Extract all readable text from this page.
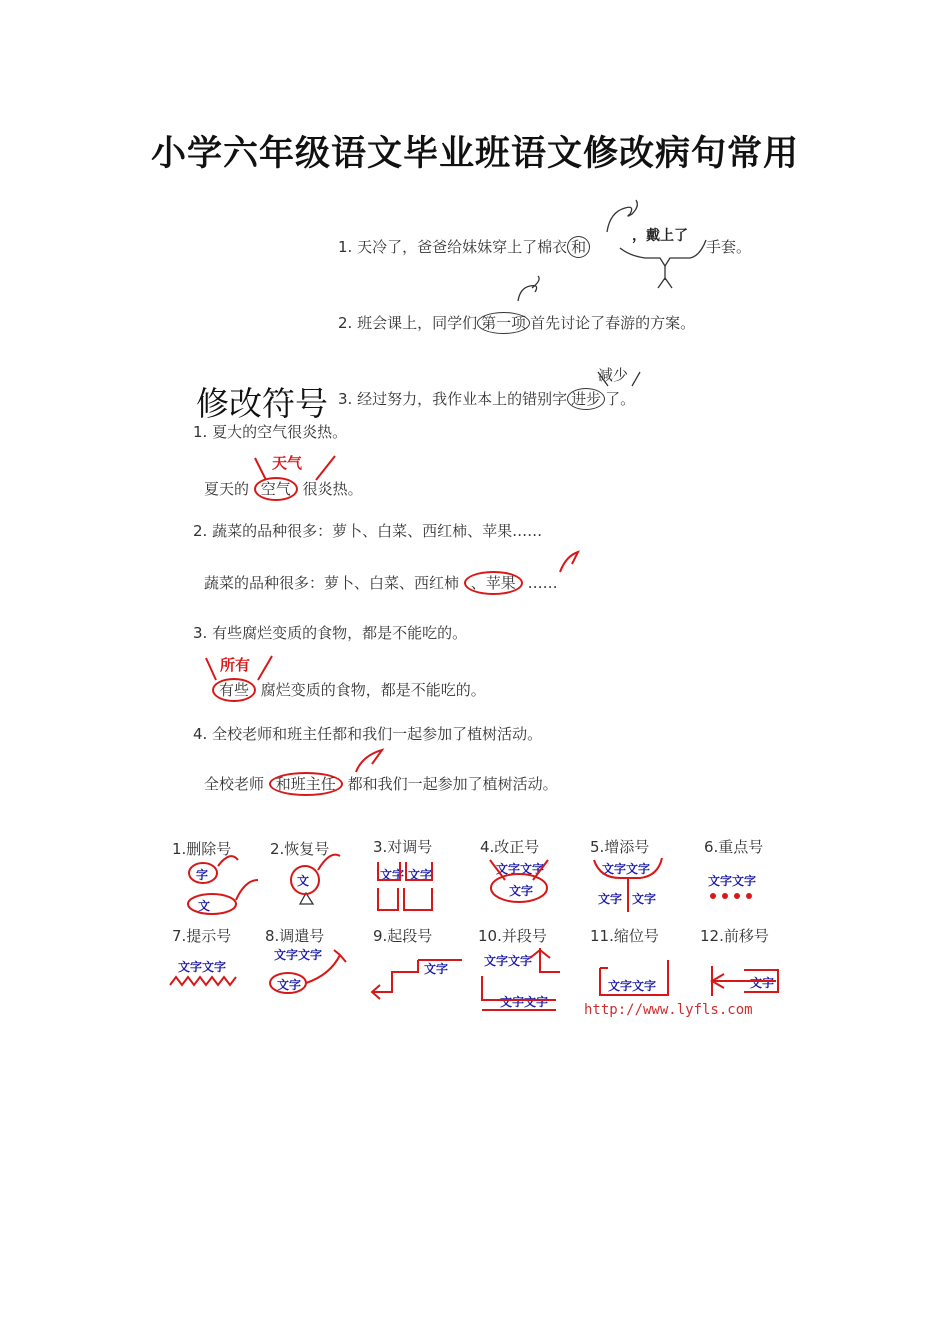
小学六年级语文毕业班语文修改病句常用
1. 天冷了，爸爸给妹妹穿上了棉衣 和
，戴上了
手套。
2. 班会课上，同学们 第一项 首先讨论了春游的方案。
减少
3. 经过努力，我作业本上的错别字 进步 了。
修改符号
1. 夏大的空气很炎热。
天气
夏天的 空气 很炎热。
2. 蔬菜的品种很多：萝卜、白菜、西红柿、苹果……
蔬菜的品种很多：萝卜、白菜、西红柿 、苹果 ……
3. 有些腐烂变质的食物，都是不能吃的。
所有
有些 腐烂变质的食物，都是不能吃的。
4. 全校老师和班主任都和我们一起参加了植树活动。
全校老师 和班主任 都和我们一起参加了植树活动。
1.删除号	2.恢复号	3.对调号	4.改正号	5.增添号	6.重点号
7.提示号 8.调遣号	9.起段号	10.并段号	11.缩位号	12.前移号
字
文
文	文字 文字	文字文字
文字
文字文字
文字 文字
文字文字
文字文字
文字文字
文字
文字
文字文字
文字文字
文字文字	文字
http://www.lyfls.com
